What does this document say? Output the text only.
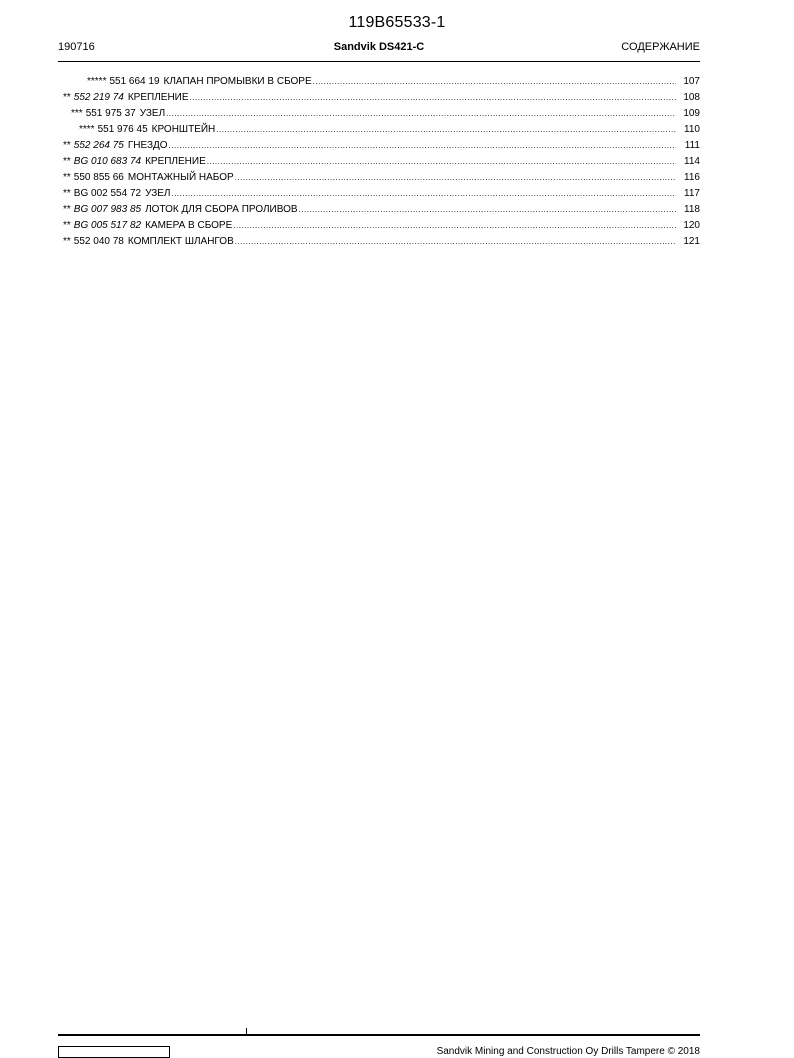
119B65533-1
190716	Sandvik DS421-C	СОДЕРЖАНИЕ
***** 551 664 19 КЛАПАН ПРОМЫВКИ В СБОРЕ .....	107
** 552 219 74 КРЕПЛЕНИЕ .....	108
*** 551 975 37 УЗЕЛ .....	109
**** 551 976 45 КРОНШТЕЙН .....	110
** 552 264 75 ГНЕЗДО .....	111
** BG 010 683 74 КРЕПЛЕНИЕ .....	114
** 550 855 66 МОНТАЖНЫЙ НАБОР .....	116
** BG 002 554 72 УЗЕЛ .....	117
** BG 007 983 85 ЛОТОК ДЛЯ СБОРА ПРОЛИВОВ .....	118
** BG 005 517 82 КАМЕРА В СБОРЕ .....	120
** 552 040 78 КОМПЛЕКТ ШЛАНГОВ .....	121
Sandvik Mining and Construction Oy Drills Tampere © 2018
